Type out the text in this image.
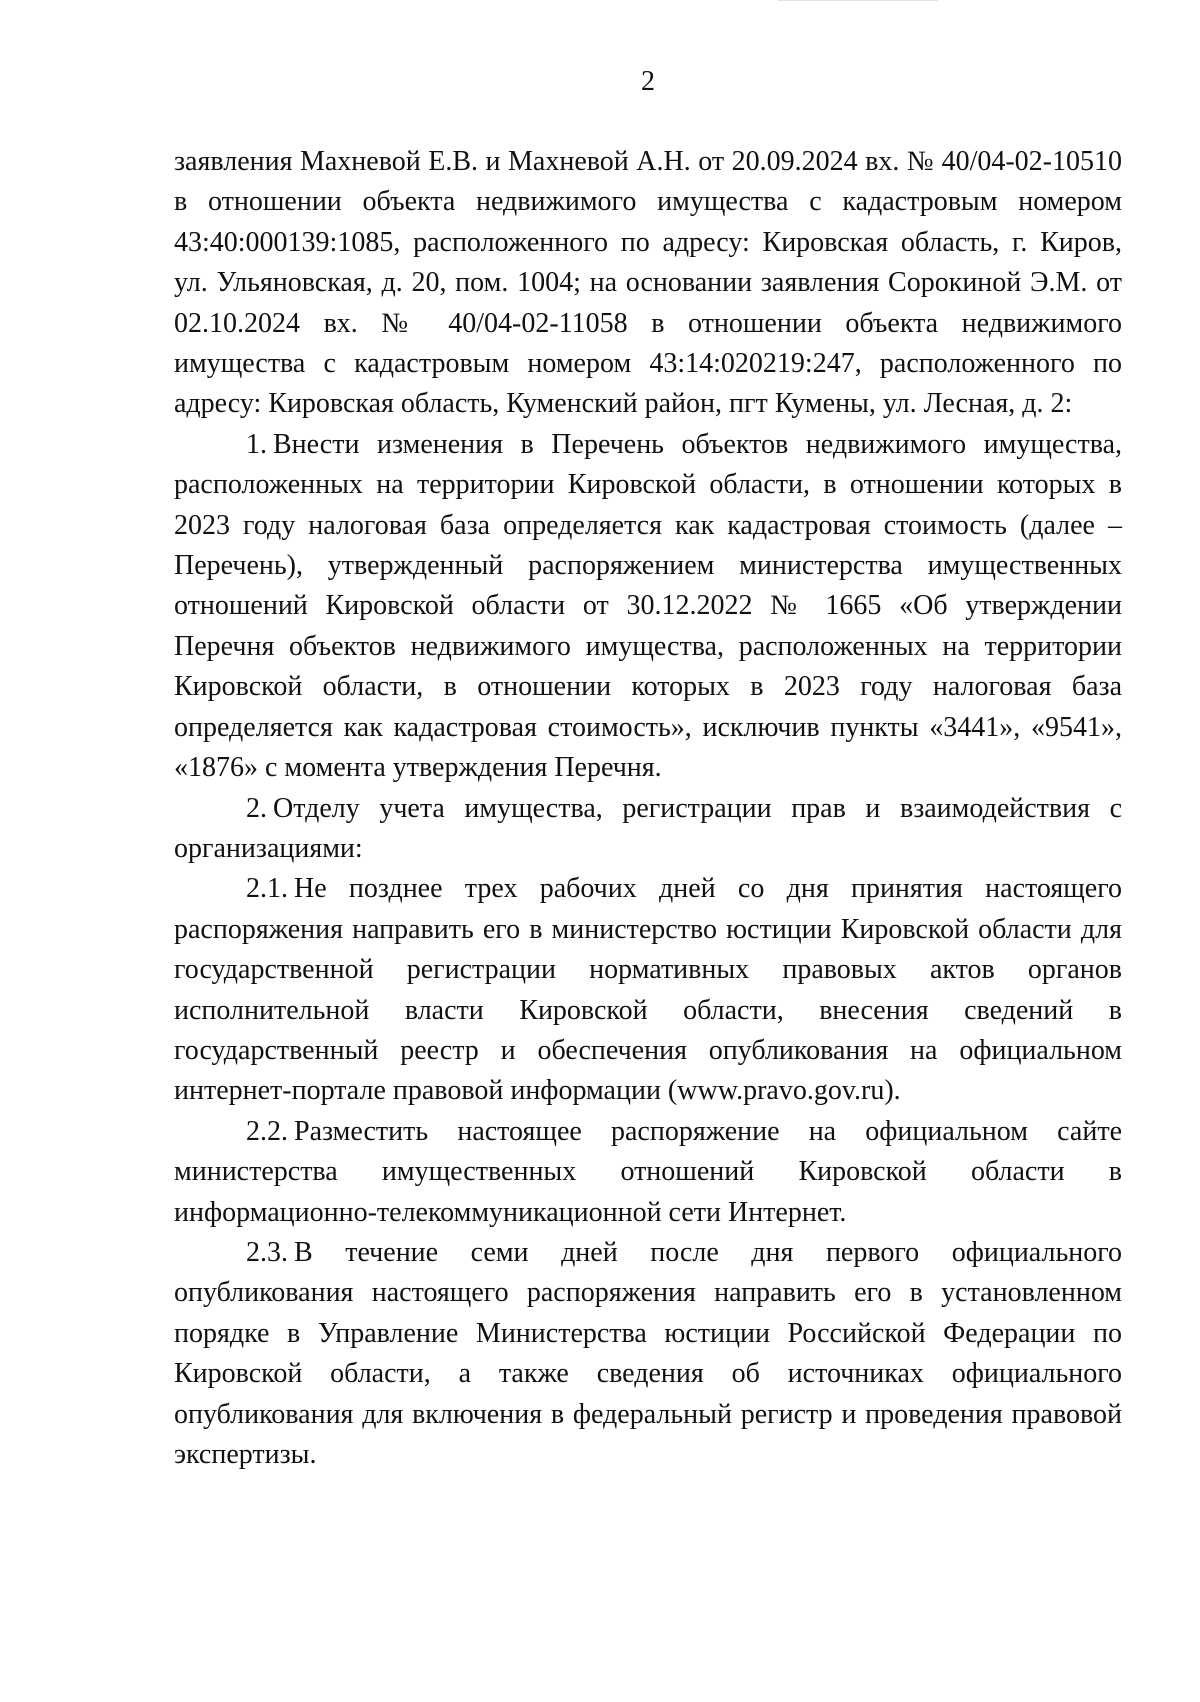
2

заявления Махневой Е.В. и Махневой А.Н. от 20.09.2024 вх. № 40/04-02-10510 в отношении объекта недвижимого имущества с кадастровым номером 43:40:000139:1085, расположенного по адресу: Кировская область, г. Киров, ул. Ульяновская, д. 20, пом. 1004; на основании заявления Сорокиной Э.М. от 02.10.2024 вх. № 40/04-02-11058 в отношении объекта недвижимого имущества с кадастровым номером 43:14:020219:247, расположенного по адресу: Кировская область, Куменский район, пгт Кумены, ул. Лесная, д. 2:

1. Внести изменения в Перечень объектов недвижимого имущества, расположенных на территории Кировской области, в отношении которых в 2023 году налоговая база определяется как кадастровая стоимость (далее – Перечень), утвержденный распоряжением министерства имущественных отношений Кировской области от 30.12.2022 № 1665 «Об утверждении Перечня объектов недвижимого имущества, расположенных на территории Кировской области, в отношении которых в 2023 году налоговая база определяется как кадастровая стоимость», исключив пункты «3441», «9541», «1876» с момента утверждения Перечня.

2. Отделу учета имущества, регистрации прав и взаимодействия с организациями:

2.1. Не позднее трех рабочих дней со дня принятия настоящего распоряжения направить его в министерство юстиции Кировской области для государственной регистрации нормативных правовых актов органов исполнительной власти Кировской области, внесения сведений в государственный реестр и обеспечения опубликования на официальном интернет-портале правовой информации (www.pravo.gov.ru).

2.2. Разместить настоящее распоряжение на официальном сайте министерства имущественных отношений Кировской области в информационно-телекоммуникационной сети Интернет.

2.3. В течение семи дней после дня первого официального опубликования настоящего распоряжения направить его в установленном порядке в Управление Министерства юстиции Российской Федерации по Кировской области, а также сведения об источниках официального опубликования для включения в федеральный регистр и проведения правовой экспертизы.
